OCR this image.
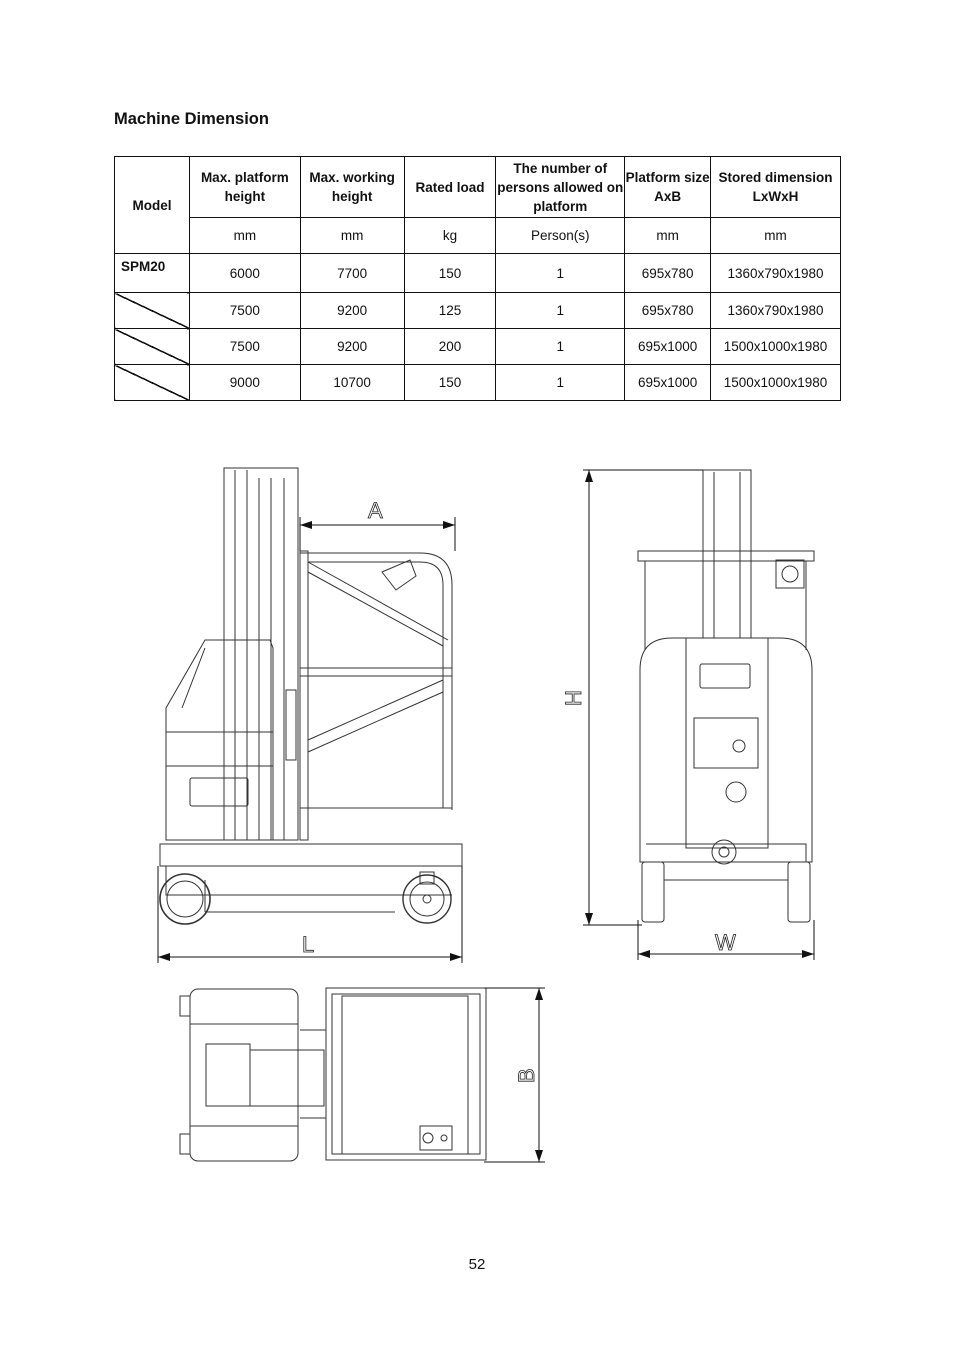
Machine Dimension
Model	Max. platform height	Max. working height	Rated load	The number of persons allowed on platform	Platform size AxB	Stored dimension LxWxH
	mm	mm	kg	Person(s)	mm	mm
SPM20	6000	7700	150	1	695x780	1360x790x1980
	7500	9200	125	1	695x780	1360x790x1980
	7500	9200	200	1	695x1000	1500x1000x1980
	9000	10700	150	1	695x1000	1500x1000x1980
A
L	W
H
B
52
